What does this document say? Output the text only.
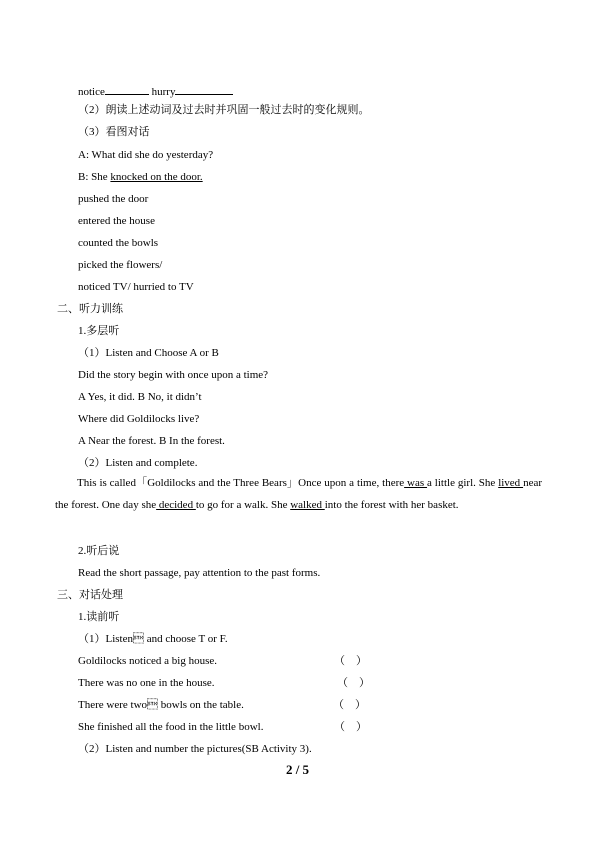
notice	hurry
（2）朗读上述动词及过去时并巩固一般过去时的变化规则。
（3）看图对话
A: What did she do yesterday?
B: She knocked on the door.
pushed the door
entered the house
counted the bowls
picked the flowers/
noticed TV/ hurried to TV
二、听力训练
1.多层听
（1）Listen and Choose A or B
Did the story begin with once upon a time?
A Yes, it did. B No, it didn’t
Where did Goldilocks live?
A Near the forest. B In the forest.
（2）Listen and complete.
This is called「Goldilocks and the Three Bears」Once upon a time, there was a little girl. She lived near the forest. One day she decided to go for a walk. She walked into the forest with her basket.
2.听后说
Read the short passage, pay attention to the past forms.
三、对话处理
1.读前听
（1）Listen and choose T or F.
Goldilocks noticed a big house.	（    ）
There was no one in the house.	（    ）
There were two bowls on the table.	（    ）
She finished all the food in the little bowl.	（    ）
（2）Listen and number the pictures(SB Activity 3).
2 / 5
